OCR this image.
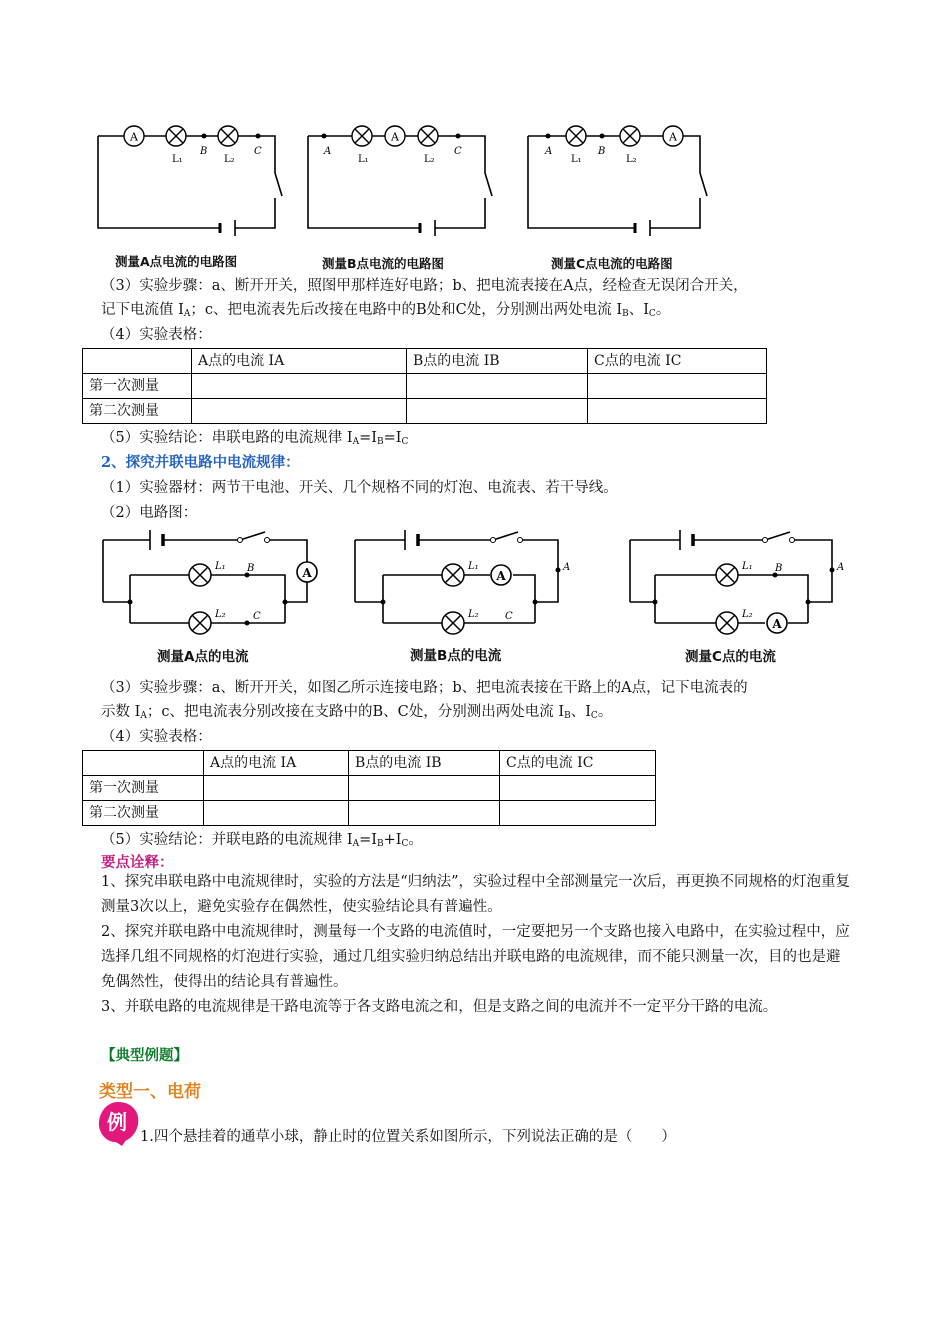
A
L₁
B
L₂
C
A
A
L₁	L₂
C
A
A
L₁
B
L₂
测量A点电流的电路图	测量B点电流的电路图	测量C点电流的电路图
（3）实验步骤：a、断开开关，照图甲那样连好电路；b、把电流表接在A点，经检查无误闭合开关，
记下电流值 $I_A$；c、把电流表先后改接在电路中的B处和C处，分别测出两处电流 $I_B$、$I_C$。
（4）实验表格：
	A点的电流 IA	B点的电流 IB	C点的电流 IC
第一次测量			
第二次测量			
（5）实验结论：串联电路的电流规律 $I_A=I_B=I_C$
2、探究并联电路中电流规律：
（1）实验器材：两节干电池、开关、几个规格不同的灯泡、电流表、若干导线。
（2）电路图：
A	A
A
L₁ B
L₂	C
L₁
L₂	C
A	L₁ B
L₂
A
测量A点的电流	测量B点的电流	测量C点的电流
（3）实验步骤：a、断开开关，如图乙所示连接电路；b、把电流表接在干路上的A点，记下电流表的
示数 $I_A$；c、把电流表分别改接在支路中的B、C处，分别测出两处电流 $I_B$、$I_C$。
（4）实验表格：
	A点的电流 IA	B点的电流 IB	C点的电流 IC
第一次测量			
第二次测量			
（5）实验结论：并联电路的电流规律 $I_A=I_B+I_C$。
要点诠释：
1、探究串联电路中电流规律时，实验的方法是“归纳法”，实验过程中全部测量完一次后，再更换不同规格的灯泡重复测量3次以上，避免实验存在偶然性，使实验结论具有普遍性。
2、探究并联电路中电流规律时，测量每一个支路的电流值时，一定要把另一个支路也接入电路中，在实验过程中，应选择几组不同规格的灯泡进行实验，通过几组实验归纳总结出并联电路的电流规律，而不能只测量一次，目的也是避免偶然性，使得出的结论具有普遍性。
3、并联电路的电流规律是干路电流等于各支路电流之和，但是支路之间的电流并不一定平分干路的电流。
【典型例题】
类型一、电荷
例
1.四个悬挂着的通草小球，静止时的位置关系如图所示，下列说法正确的是（　　）
